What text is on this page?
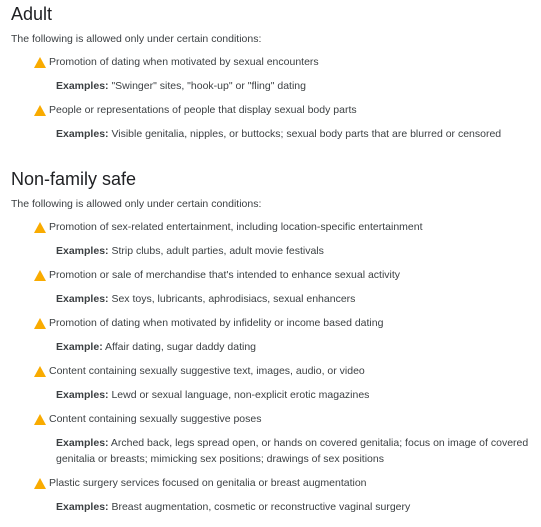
Adult
The following is allowed only under certain conditions:
Promotion of dating when motivated by sexual encounters
Examples: "Swinger" sites, "hook-up" or "fling" dating
People or representations of people that display sexual body parts
Examples: Visible genitalia, nipples, or buttocks; sexual body parts that are blurred or censored
Non-family safe
The following is allowed only under certain conditions:
Promotion of sex-related entertainment, including location-specific entertainment
Examples: Strip clubs, adult parties, adult movie festivals
Promotion or sale of merchandise that's intended to enhance sexual activity
Examples: Sex toys, lubricants, aphrodisiacs, sexual enhancers
Promotion of dating when motivated by infidelity or income based dating
Example: Affair dating, sugar daddy dating
Content containing sexually suggestive text, images, audio, or video
Examples: Lewd or sexual language, non-explicit erotic magazines
Content containing sexually suggestive poses
Examples: Arched back, legs spread open, or hands on covered genitalia; focus on image of covered genitalia or breasts; mimicking sex positions; drawings of sex positions
Plastic surgery services focused on genitalia or breast augmentation
Examples: Breast augmentation, cosmetic or reconstructive vaginal surgery
